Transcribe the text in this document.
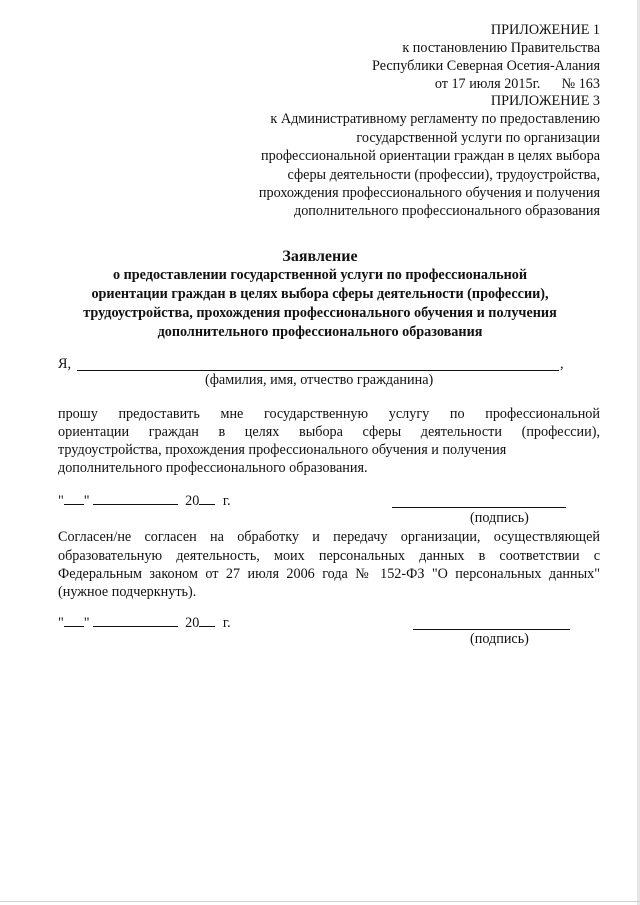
ПРИЛОЖЕНИЕ 1
к постановлению Правительства
Республики Северная Осетия-Алания
от 17 июля 2015г. № 163
ПРИЛОЖЕНИЕ 3
к Административному регламенту по предоставлению
государственной услуги по организации
профессиональной ориентации граждан в целях выбора
сферы деятельности (профессии), трудоустройства,
прохождения профессионального обучения и получения
дополнительного профессионального образования
Заявление
о предоставлении государственной услуги по профессиональной
ориентации граждан в целях выбора сферы деятельности (профессии),
трудоустройства, прохождения профессионального обучения и получения
дополнительного профессионального образования
Я,	,
(фамилия, имя, отчество гражданина)
прошу предоставить мне государственную услугу по профессиональной
ориентации граждан в целях выбора сферы деятельности (профессии),
трудоустройства, прохождения профессионального обучения и получения
дополнительного профессионального образования.
" "	20 г.
(подпись)
Согласен/не согласен на обработку и передачу организации, осуществляющей
образовательную деятельность, моих персональных данных в соответствии с
Федеральным законом от 27 июля 2006 года № 152-ФЗ "О персональных данных"
(нужное подчеркнуть).
" "	20 г.
(подпись)
